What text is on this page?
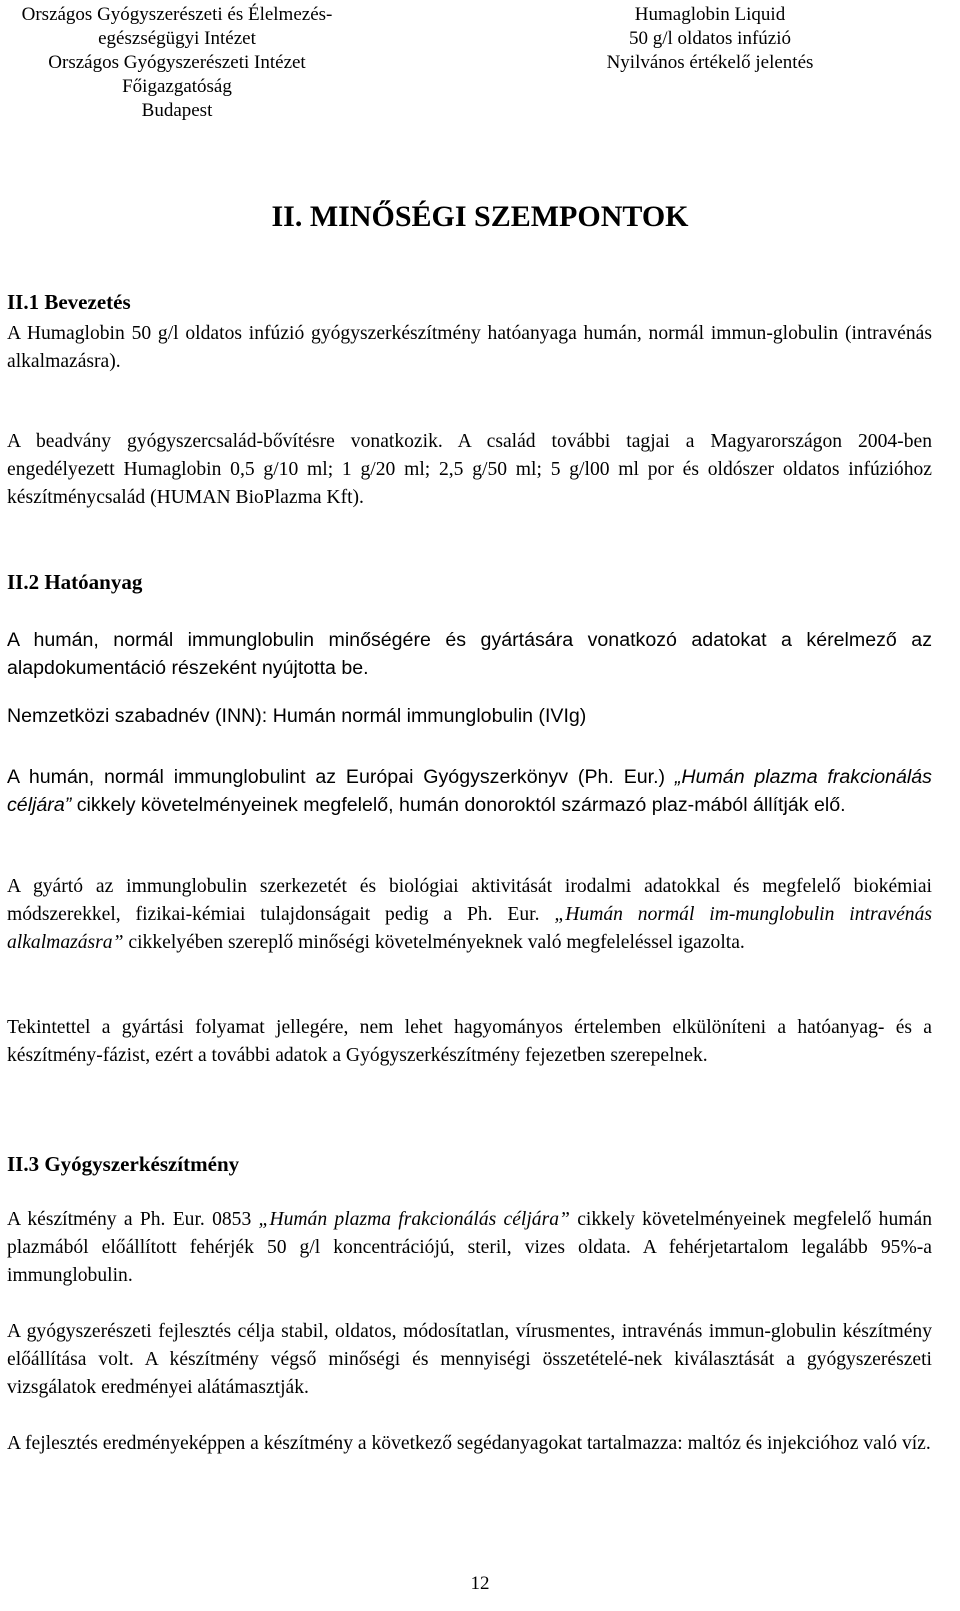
Országos Gyógyszerészeti és Élelmezés-
egészségügyi Intézet
Országos Gyógyszerészeti Intézet
Főigazgatóság
Budapest
Humaglobin Liquid
50 g/l oldatos infúzió
Nyilvános értékelő jelentés
II. MINŐSÉGI SZEMPONTOK
II.1 Bevezetés

A Humaglobin 50 g/l oldatos infúzió gyógyszerkészítmény hatóanyaga humán, normál immun-globulin (intravénás alkalmazásra).

A beadvány gyógyszercsalád-bővítésre vonatkozik. A család további tagjai a Magyarországon 2004-ben engedélyezett Humaglobin 0,5 g/10 ml; 1 g/20 ml; 2,5 g/50 ml; 5 g/l00 ml por és oldószer oldatos infúzióhoz készítménycsalád (HUMAN BioPlazma Kft).

II.2 Hatóanyag

A humán, normál immunglobulin minőségére és gyártására vonatkozó adatokat a kérelmező az alapdokumentáció részeként nyújtotta be.

Nemzetközi szabadnév (INN): Humán normál immunglobulin (IVIg)

A humán, normál immunglobulint az Európai Gyógyszerkönyv (Ph. Eur.) „Humán plazma frakcionálás céljára” cikkely követelményeinek megfelelő, humán donoroktól származó plaz-mából állítják elő.

A gyártó az immunglobulin szerkezetét és biológiai aktivitását irodalmi adatokkal és megfelelő biokémiai módszerekkel, fizikai-kémiai tulajdonságait pedig a Ph. Eur. „Humán normál im-munglobulin intravénás alkalmazásra” cikkelyében szereplő minőségi követelményeknek való megfeleléssel igazolta.

Tekintettel a gyártási folyamat jellegére, nem lehet hagyományos értelemben elkülöníteni a hatóanyag- és a készítmény-fázist, ezért a további adatok a Gyógyszerkészítmény fejezetben szerepelnek.

II.3 Gyógyszerkészítmény

A készítmény a Ph. Eur. 0853 „Humán plazma frakcionálás céljára” cikkely követelményeinek megfelelő humán plazmából előállított fehérjék 50 g/l koncentrációjú, steril, vizes oldata. A fehérjetartalom legalább 95%-a immunglobulin.

A gyógyszerészeti fejlesztés célja stabil, oldatos, módosítatlan, vírusmentes, intravénás immun-globulin készítmény előállítása volt. A készítmény végső minőségi és mennyiségi összetételé-nek kiválasztását a gyógyszerészeti vizsgálatok eredményei alátámasztják.

A fejlesztés eredményeképpen a készítmény a következő segédanyagokat tartalmazza: maltóz és injekcióhoz való víz.

12
